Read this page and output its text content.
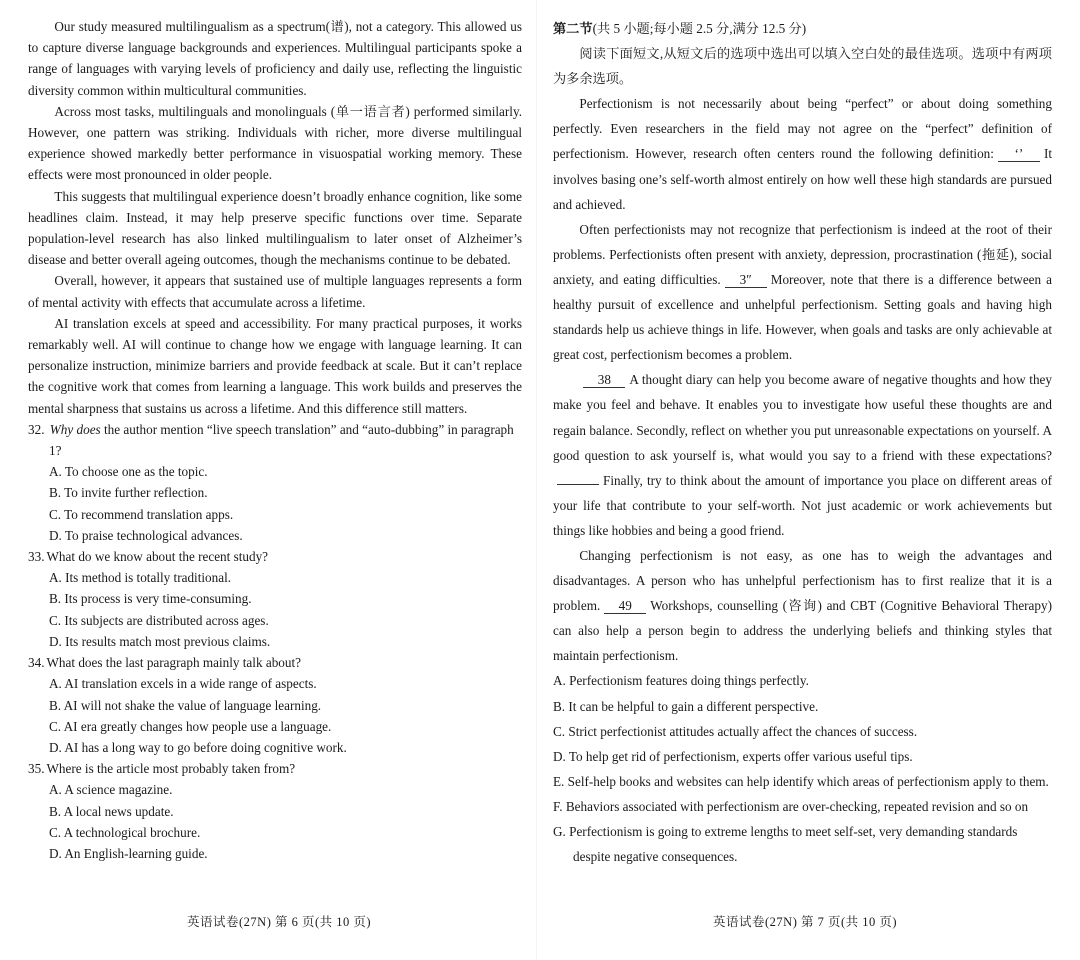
Our study measured multilingualism as a spectrum(谱), not a category. This allowed us to capture diverse language backgrounds and experiences. Multilingual participants spoke a range of languages with varying levels of proficiency and daily use, reflecting the linguistic diversity common within multicultural communities.

Across most tasks, multilinguals and monolinguals (单一语言者) performed similarly. However, one pattern was striking. Individuals with richer, more diverse multilingual experience showed markedly better performance in visuospatial working memory. These effects were most pronounced in older people.

This suggests that multilingual experience doesn’t broadly enhance cognition, like some headlines claim. Instead, it may help preserve specific functions over time. Separate population-level research has also linked multilingualism to later onset of Alzheimer’s disease and better overall ageing outcomes, though the mechanisms continue to be debated.

Overall, however, it appears that sustained use of multiple languages represents a form of mental activity with effects that accumulate across a lifetime.

AI translation excels at speed and accessibility. For many practical purposes, it works remarkably well. AI will continue to change how we engage with language learning. It can personalize instruction, minimize barriers and provide feedback at scale. But it can’t replace the cognitive work that comes from learning a language. This work builds and preserves the mental sharpness that sustains us across a lifetime. And this difference still matters.

32. Why does the author mention “live speech translation” and “auto-dubbing” in paragraph 1?
A. To choose one as the topic.
B. To invite further reflection.
C. To recommend translation apps.
D. To praise technological advances.
33. What do we know about the recent study?
A. Its method is totally traditional.
B. Its process is very time-consuming.
C. Its subjects are distributed across ages.
D. Its results match most previous claims.
34. What does the last paragraph mainly talk about?
A. AI translation excels in a wide range of aspects.
B. AI will not shake the value of language learning.
C. AI era greatly changes how people use a language.
D. AI has a long way to go before doing cognitive work.
35. Where is the article most probably taken from?
A. A science magazine.
B. A local news update.
C. A technological brochure.
D. An English-learning guide.
英语试卷(27N) 第 6 页(共 10 页)
第二节(共 5 小题;每小题 2.5 分,满分 12.5 分)

阅读下面短文,从短文后的选项中选出可以填入空白处的最佳选项。选项中有两项为多余选项。

Perfectionism is not necessarily about being “perfect” or about doing something perfectly. Even researchers in the field may not agree on the “perfect” definition of perfectionism. However, research often centers round the following definition: ‘’ It involves basing one’s self-worth almost entirely on how well these high standards are pursued and achieved.

Often perfectionists may not recognize that perfectionism is indeed at the root of their problems. Perfectionists often present with anxiety, depression, procrastination (拖延), social anxiety, and eating difficulties. 3″ Moreover, note that there is a difference between a healthy pursuit of excellence and unhelpful perfectionism. Setting goals and having high standards help us achieve things in life. However, when goals and tasks are only achievable at great cost, perfectionism becomes a problem.

38 A thought diary can help you become aware of negative thoughts and how they make you feel and behave. It enables you to investigate how useful these thoughts are and regain balance. Secondly, reflect on whether you put unreasonable expectations on yourself. A good question to ask yourself is, what would you say to a friend with these expectations?Finally, try to think about the amount of importance you place on different areas of your life that contribute to your self-worth. Not just academic or work achievements but things like hobbies and being a good friend.

Changing perfectionism is not easy, as one has to weigh the advantages and disadvantages. A person who has unhelpful perfectionism has to first realize that it is a problem. 49 Workshops, counselling (咨询) and CBT (Cognitive Behavioral Therapy) can also help a person begin to address the underlying beliefs and thinking styles that maintain perfectionism.

A. Perfectionism features doing things perfectly.
B. It can be helpful to gain a different perspective.
C. Strict perfectionist attitudes actually affect the chances of success.
D. To help get rid of perfectionism, experts offer various useful tips.
E. Self-help books and websites can help identify which areas of perfectionism apply to them.
F. Behaviors associated with perfectionism are over-checking, repeated revision and so on
G. Perfectionism is going to extreme lengths to meet self-set, very demanding standards despite negative consequences.
英语试卷(27N) 第 7 页(共 10 页)
